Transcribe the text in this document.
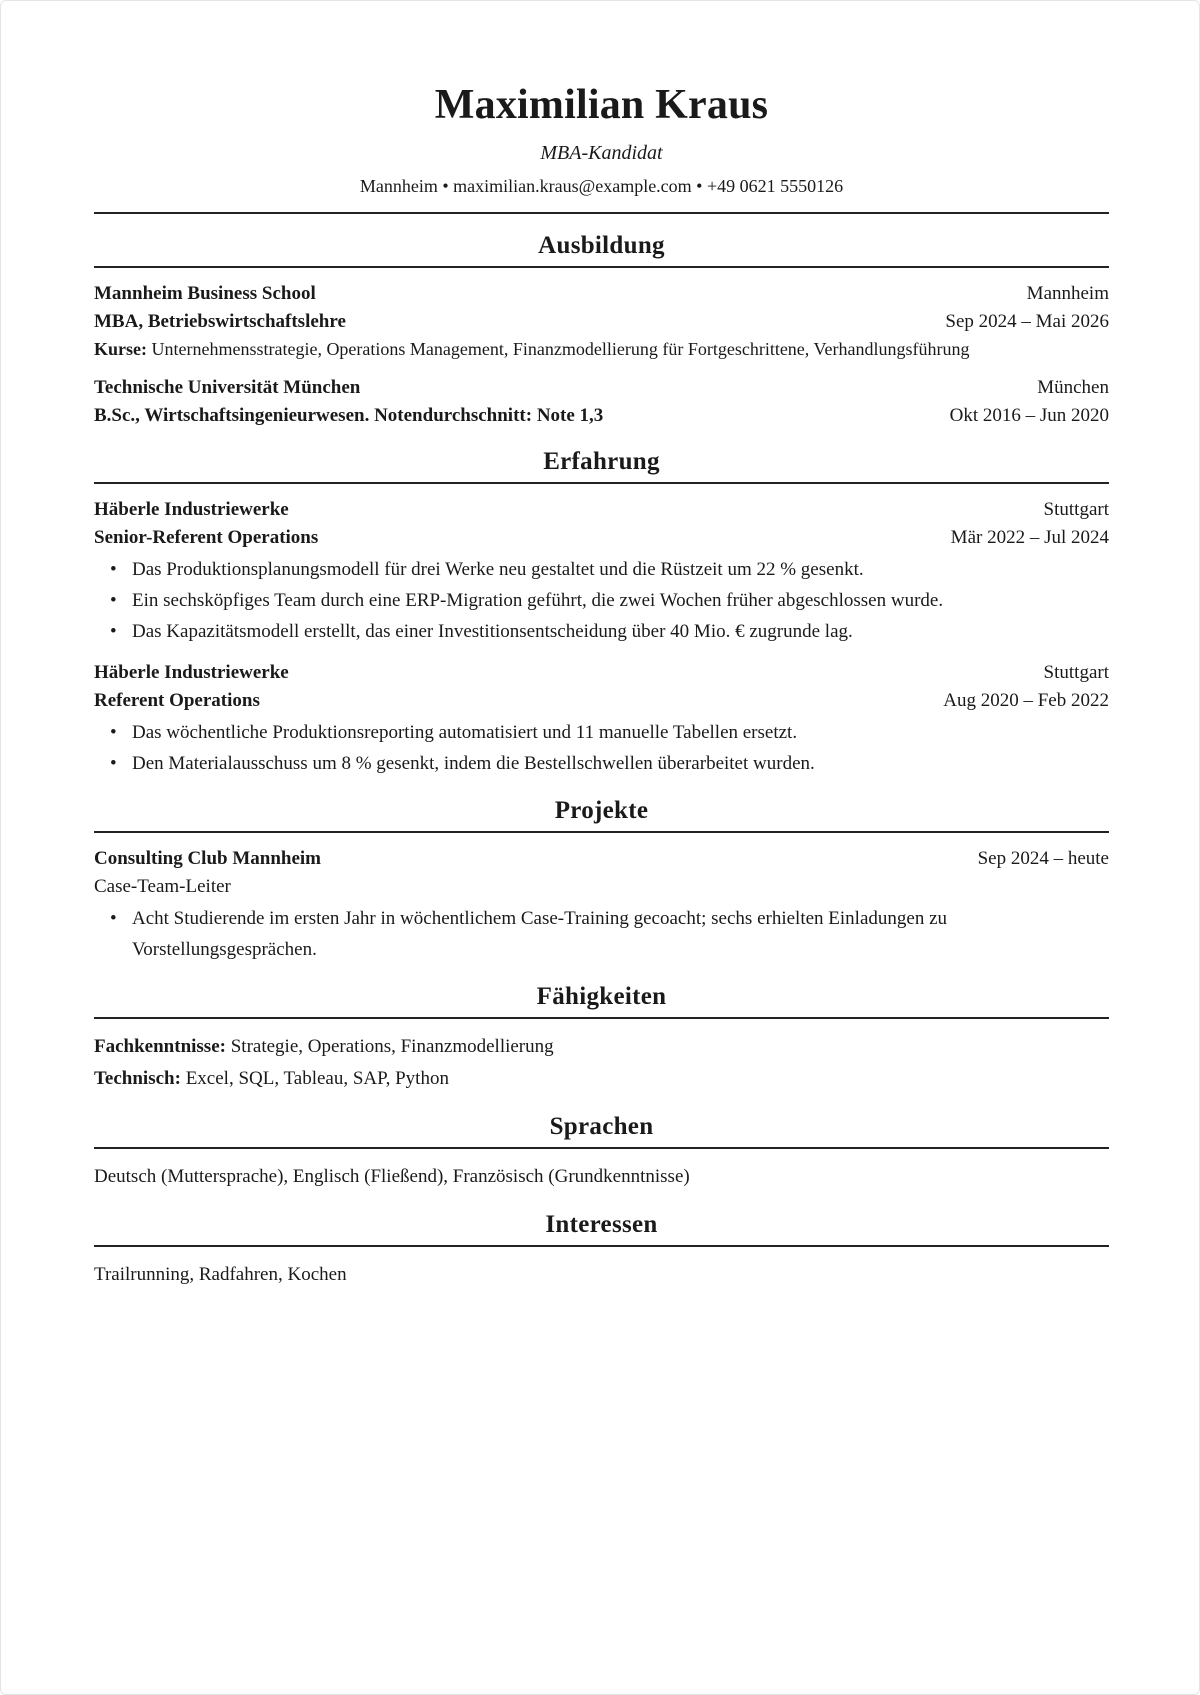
Maximilian Kraus
MBA-Kandidat
Mannheim • maximilian.kraus@example.com • +49 0621 5550126
Ausbildung
Mannheim Business School	Mannheim
MBA, Betriebswirtschaftslehre	Sep 2024 – Mai 2026
Kurse: Unternehmensstrategie, Operations Management, Finanzmodellierung für Fortgeschrittene, Verhandlungsführung
Technische Universität München	München
B.Sc., Wirtschaftsingenieurwesen. Notendurchschnitt: Note 1,3	Okt 2016 – Jun 2020
Erfahrung
Häberle Industriewerke	Stuttgart
Senior-Referent Operations	Mär 2022 – Jul 2024
• Das Produktionsplanungsmodell für drei Werke neu gestaltet und die Rüstzeit um 22 % gesenkt.
• Ein sechsköpfiges Team durch eine ERP-Migration geführt, die zwei Wochen früher abgeschlossen wurde.
• Das Kapazitätsmodell erstellt, das einer Investitionsentscheidung über 40 Mio. € zugrunde lag.
Häberle Industriewerke	Stuttgart
Referent Operations	Aug 2020 – Feb 2022
• Das wöchentliche Produktionsreporting automatisiert und 11 manuelle Tabellen ersetzt.
• Den Materialausschuss um 8 % gesenkt, indem die Bestellschwellen überarbeitet wurden.
Projekte
Consulting Club Mannheim	Sep 2024 – heute
Case-Team-Leiter
• Acht Studierende im ersten Jahr in wöchentlichem Case-Training gecoacht; sechs erhielten Einladungen zu Vorstellungsgesprächen.
Fähigkeiten
Fachkenntnisse: Strategie, Operations, Finanzmodellierung
Technisch: Excel, SQL, Tableau, SAP, Python
Sprachen
Deutsch (Muttersprache), Englisch (Fließend), Französisch (Grundkenntnisse)
Interessen
Trailrunning, Radfahren, Kochen
